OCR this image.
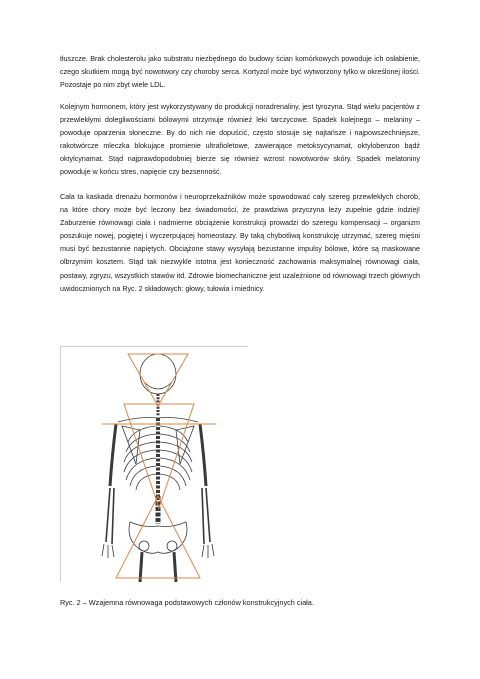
tłuszcze. Brak cholesterolu jako substratu niezbędnego do budowy ścian komórkowych powoduje ich osłabienie, czego skutkiem mogą być nowotwory czy choroby serca. Kortyzol może być wytworzony tylko w określonej ilości. Pozostaje po nim zbyt wiele LDL.

Kolejnym hormonem, który jest wykorzystywany do produkcji noradrenaliny, jest tyrozyna. Stąd wielu pacjentów z przewlekłymi dolegliwościami bólowymi otrzymuje również leki tarczycowe. Spadek kolejnego – melaniny – powoduje oparzenia słoneczne. By do nich nie dopuścić, często stosuje się najtańsze i najpowszechniejsze, rakotwórcze mleczka blokujące promienie ultrafioletowe, zawierające metoksycynamat, oktylobenzon bądź oktylcynamat. Stąd najprawdopodobniej bierze się również wzrost nowotworów skóry. Spadek melatoniny powoduje w końcu stres, napięcie czy bezsenność.

Cała ta kaskada drenażu hormonów i neuroprzekaźników może spowodować cały szereg przewlekłych chorób, na które chory może być leczony bez świadomości, że prawdziwa przyczyna leży zupełnie gdzie indziej! Zaburzenie równowagi ciała i nadmierne obciążenie konstrukcji prowadzi do szeregu kompensacji – organizm poszukuje nowej, pogiętej i wyczerpującej homeostazy. By taką chybotliwą konstrukcję utrzymać, szereg mięśni musi być bezustannie napiętych. Obciążone stawy wysyłają bezustanne impulsy bólowe, które są maskowane olbrzymim kosztem. Stąd tak niezwykle istotna jest konieczność zachowania maksymalnej równowagi ciała, postawy, zgryzu, wszystkich stawów itd. Zdrowie biomechaniczne jest uzależnione od równowagi trzech głównych uwidocznionych na Ryc. 2 składowych: głowy, tułowia i miednicy.

Ryc. 2 – Wzajemna równowaga podstawowych członów konstrukcyjnych ciała.
